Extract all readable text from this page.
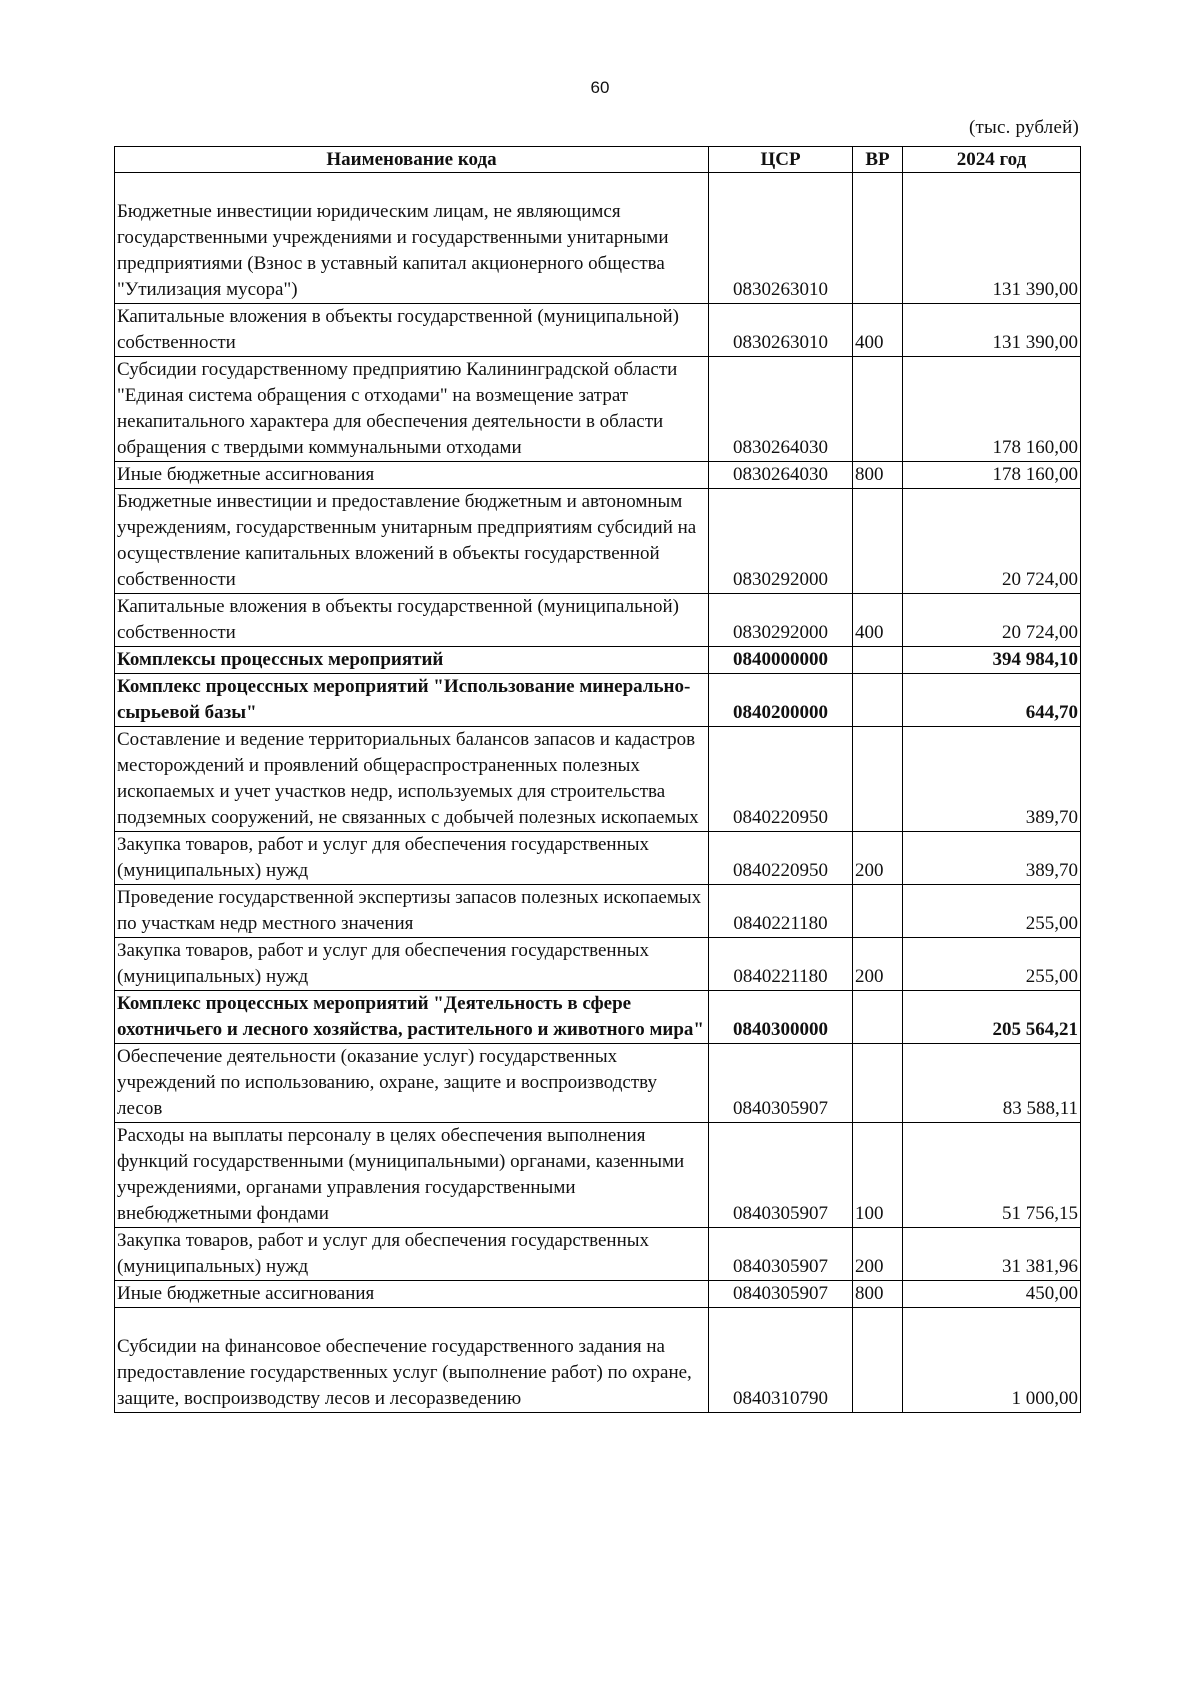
60
(тыс. рублей)
Наименование кода	ЦСР	ВР	2024 год
Бюджетные инвестиции юридическим лицам, не являющимся государственными учреждениями и государственными унитарными предприятиями (Взнос в уставный капитал акционерного общества "Утилизация мусора")	0830263010		131 390,00
Капитальные вложения в объекты государственной (муниципальной) собственности	0830263010	400	131 390,00
Субсидии государственному предприятию Калининградской области "Единая система обращения с отходами" на возмещение затрат некапитального характера для обеспечения деятельности в области обращения с твердыми коммунальными отходами	0830264030		178 160,00
Иные бюджетные ассигнования	0830264030	800	178 160,00
Бюджетные инвестиции и предоставление бюджетным и автономным учреждениям, государственным унитарным предприятиям субсидий на осуществление капитальных вложений в объекты государственной собственности	0830292000		20 724,00
Капитальные вложения в объекты государственной (муниципальной) собственности	0830292000	400	20 724,00
Комплексы процессных мероприятий	0840000000		394 984,10
Комплекс процессных мероприятий "Использование минерально-сырьевой базы"	0840200000		644,70
Составление и ведение территориальных балансов запасов и кадастров месторождений и проявлений общераспространенных полезных ископаемых и учет участков недр, используемых для строительства подземных сооружений, не связанных с добычей полезных ископаемых	0840220950		389,70
Закупка товаров, работ и услуг для обеспечения государственных (муниципальных) нужд	0840220950	200	389,70
Проведение государственной экспертизы запасов полезных ископаемых по участкам недр местного значения	0840221180		255,00
Закупка товаров, работ и услуг для обеспечения государственных (муниципальных) нужд	0840221180	200	255,00
Комплекс процессных мероприятий "Деятельность в сфере охотничьего и лесного хозяйства, растительного и животного мира"	0840300000		205 564,21
Обеспечение деятельности (оказание услуг) государственных учреждений по использованию, охране, защите и воспроизводству лесов	0840305907		83 588,11
Расходы на выплаты персоналу в целях обеспечения выполнения функций государственными (муниципальными) органами, казенными учреждениями, органами управления государственными внебюджетными фондами	0840305907	100	51 756,15
Закупка товаров, работ и услуг для обеспечения государственных (муниципальных) нужд	0840305907	200	31 381,96
Иные бюджетные ассигнования	0840305907	800	450,00
Субсидии на финансовое обеспечение государственного задания на предоставление государственных услуг (выполнение работ) по охране, защите, воспроизводству лесов и лесоразведению	0840310790		1 000,00
